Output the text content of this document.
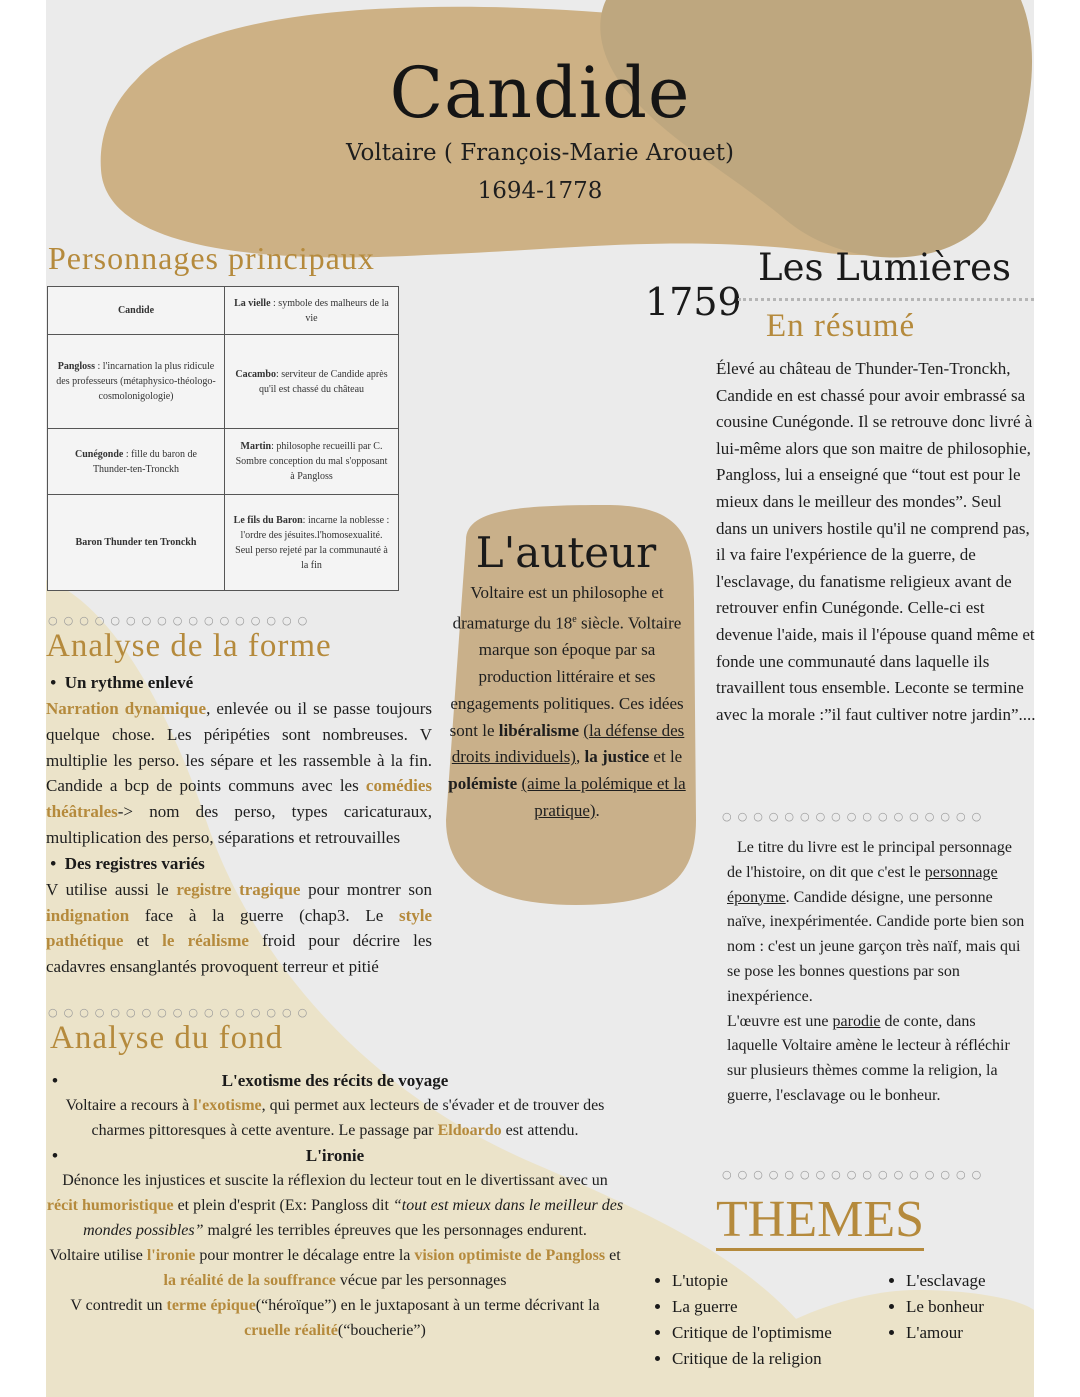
Candide
Voltaire ( François-Marie Arouet)
1694-1778
Personnages principaux
Candide	La vielle : symbole des malheurs de la vie
Pangloss : l'incarnation la plus ridicule des professeurs (métaphysico-théologo-cosmolonigologie)	Cacambo: serviteur de Candide après qu'il est chassé du château
Cunégonde : fille du baron de Thunder-ten-Tronckh	Martin: philosophe recueilli par C. Sombre conception du mal s'opposant à Pangloss
Baron Thunder ten Tronckh	Le fils du Baron: incarne la noblesse : l'ordre des jésuites.l'homosexualité. Seul perso rejeté par la communauté à la fin
1759
Les Lumières
En résumé
Élevé au château de Thunder-Ten-Tronckh, Candide en est chassé pour avoir embrassé sa cousine Cunégonde. Il se retrouve donc livré à lui-même alors que son maitre de philosophie, Pangloss, lui a enseigné que “tout est pour le mieux dans le meilleur des mondes”. Seul dans un univers hostile qu'il ne comprend pas, il va faire l'expérience de la guerre, de l'esclavage, du fanatisme religieux avant de retrouver enfin Cunégonde. Celle-ci est devenue l'aide, mais il l'épouse quand même et fonde une communauté dans laquelle ils travaillent tous ensemble. Leconte se termine avec la morale :”il faut cultiver notre jardin”....
○○○○○○○○○○○○○○○○○
L'auteur
Voltaire est un philosophe et dramaturge du 18e siècle. Voltaire marque son époque par sa production littéraire et ses engagements politiques. Ces idées sont le libéralisme (la défense des droits individuels), la justice et le polémiste (aime la polémique et la pratique).
Le titre du livre est le principal personnage de l'histoire, on dit que c'est le personnage éponyme. Candide désigne, une personne naïve, inexpérimentée. Candide porte bien son nom : c'est un jeune garçon très naïf, mais qui se pose les bonnes questions par son inexpérience.
L'œuvre est une parodie de conte, dans laquelle Voltaire amène le lecteur à réfléchir sur plusieurs thèmes comme la religion, la guerre, l'esclavage ou le bonheur.
○○○○○○○○○○○○○○○○○
○○○○○○○○○○○○○○○○○
Analyse de la forme
•  Un rythme enlevé
Narration dynamique, enlevée ou il se passe toujours quelque chose. Les péripéties sont nombreuses. V multiplie les perso. les sépare et les rassemble à la fin. Candide a bcp de points communs avec les comédies théâtrales-> nom des perso, types caricaturaux, multiplication des perso, séparations et retrouvailles
•  Des registres variés
V utilise aussi le registre tragique pour montrer son indignation face à la guerre (chap3. Le style pathétique et le réalisme froid pour décrire les cadavres ensanglantés provoquent terreur et pitié
○○○○○○○○○○○○○○○○○
Analyse du fond
•	L'exotisme des récits de voyage
Voltaire a recours à l'exotisme, qui permet aux lecteurs de s'évader et de trouver des charmes pittoresques à cette aventure. Le passage par Eldoardo est attendu.
•	L'ironie
Dénonce les injustices et suscite la réflexion du lecteur tout en le divertissant avec un récit humoristique et plein d'esprit (Ex: Pangloss dit “tout est mieux dans le meilleur des mondes possibles” malgré les terribles épreuves que les personnages endurent.
Voltaire utilise l'ironie pour montrer le décalage entre la vision optimiste de Pangloss et la réalité de la souffrance vécue par les personnages
V contredit un terme épique(“héroïque”) en le juxtaposant à un terme décrivant la cruelle réalité(“boucherie”)
THEMES
• L'utopie
• La guerre
• Critique de l'optimisme
• Critique de la religion
• L'esclavage
• Le bonheur
• L'amour
